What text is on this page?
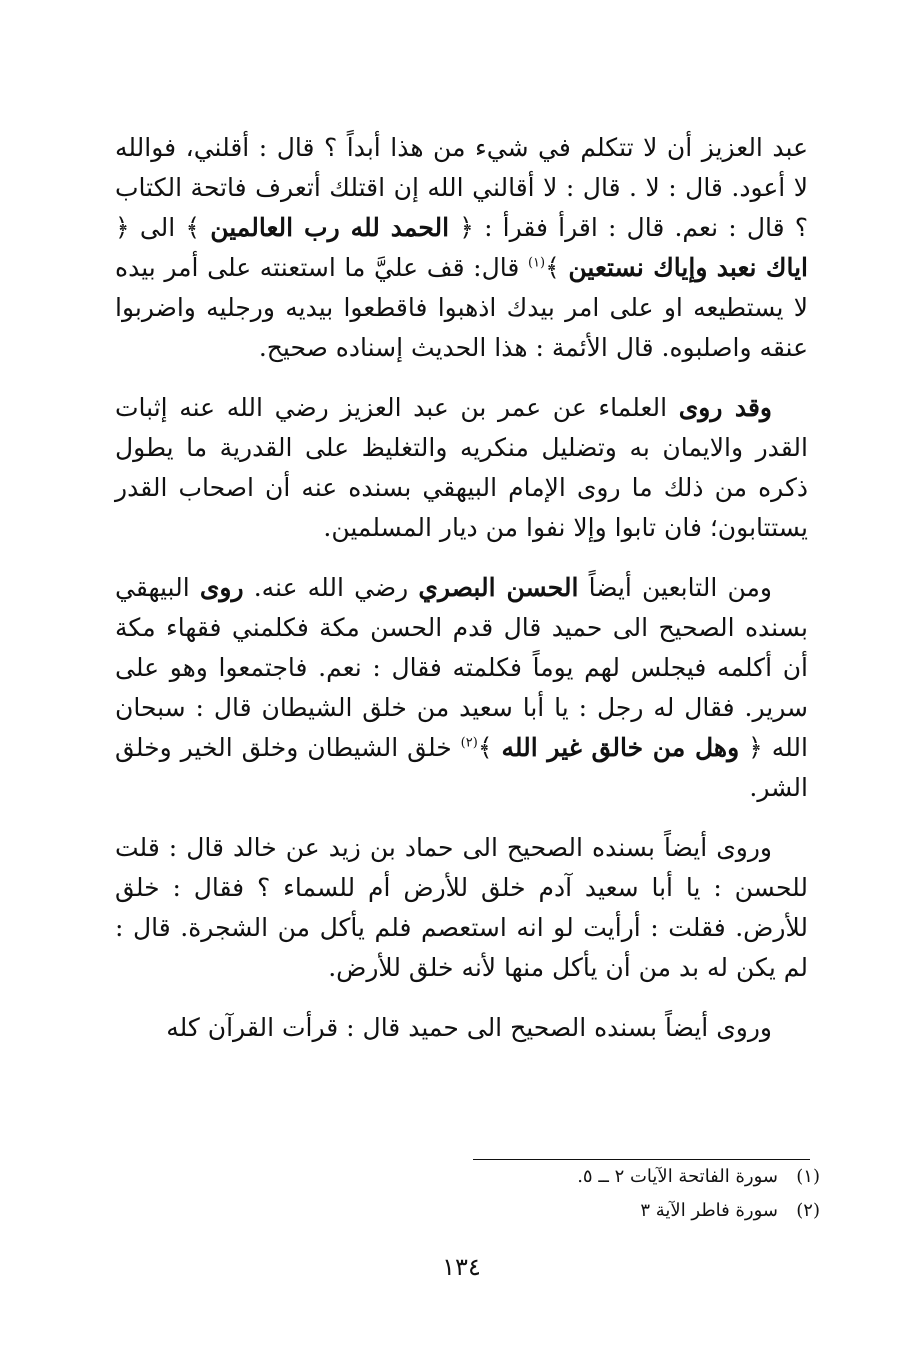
عبد العزيز أن لا تتكلم في شيء من هذا أبداً ؟ قال : أقلني، فوالله لا أعود. قال : لا . قال : لا أقالني الله إن اقتلك أتعرف فاتحة الكتاب ؟ قال : نعم. قال : اقرأ فقرأ : ﴿ الحمد لله رب العالمين ﴾ الى ﴿ اياك نعبد وإياك نستعين ﴾$^{(١)}$ قال: قف عليَّ ما استعنته على أمر بيده لا يستطيعه او على امر بيدك اذهبوا فاقطعوا بيديه ورجليه واضربوا عنقه واصلبوه. قال الأئمة : هذا الحديث إسناده صحيح.

وقد روى العلماء عن عمر بن عبد العزيز رضي الله عنه إثبات القدر والايمان به وتضليل منكريه والتغليظ على القدرية ما يطول ذكره من ذلك ما روى الإمام البيهقي بسنده عنه أن اصحاب القدر يستتابون؛ فان تابوا وإلا نفوا من ديار المسلمين.

ومن التابعين أيضاً الحسن البصري رضي الله عنه. روى البيهقي بسنده الصحيح الى حميد قال قدم الحسن مكة فكلمني فقهاء مكة أن أكلمه فيجلس لهم يوماً فكلمته فقال : نعم. فاجتمعوا وهو على سرير. فقال له رجل : يا أبا سعيد من خلق الشيطان قال : سبحان الله ﴿ وهل من خالق غير الله ﴾$^{(٢)}$ خلق الشيطان وخلق الخير وخلق الشر.

وروى أيضاً بسنده الصحيح الى حماد بن زيد عن خالد قال : قلت للحسن : يا أبا سعيد آدم خلق للأرض أم للسماء ؟ فقال : خلق للأرض. فقلت : أرأيت لو انه استعصم فلم يأكل من الشجرة. قال : لم يكن له بد من أن يأكل منها لأنه خلق للأرض.

وروى أيضاً بسنده الصحيح الى حميد قال : قرأت القرآن كله

(١)سورة الفاتحة الآيات ٢ ــ ٥.
(٢)سورة فاطر الآية ٣
١٣٤
